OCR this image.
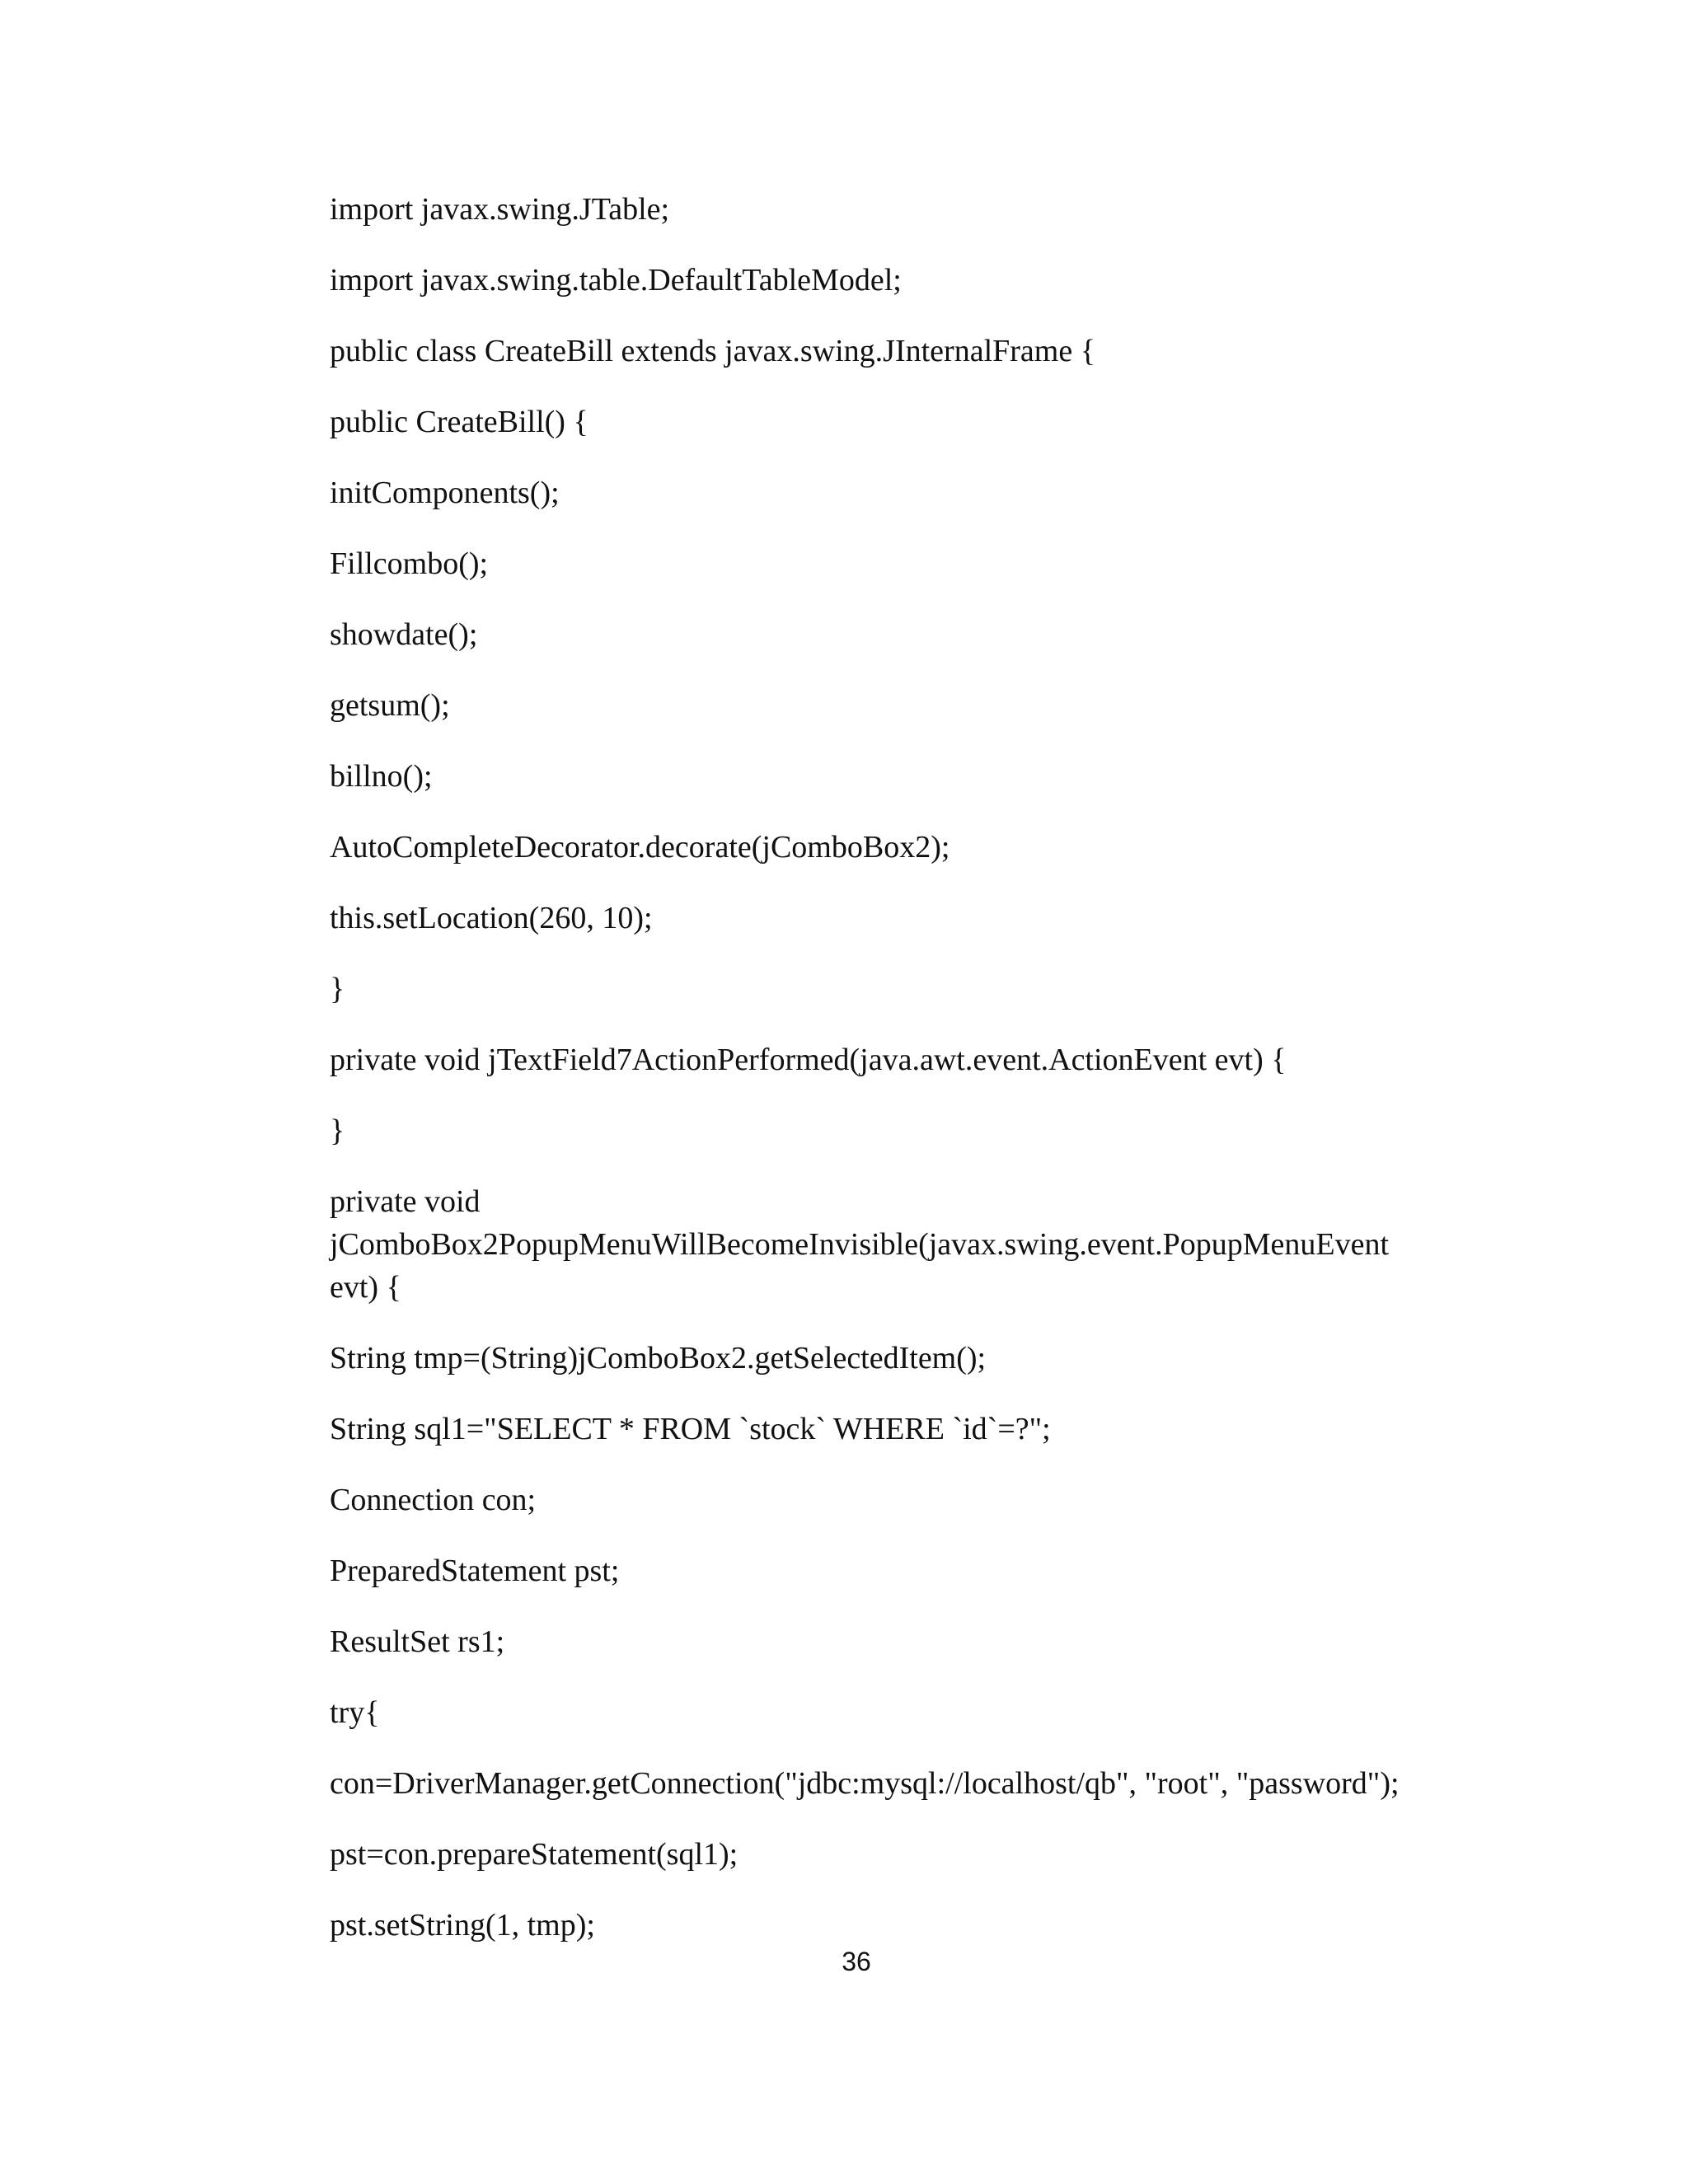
import javax.swing.JTable;
import javax.swing.table.DefaultTableModel;
public class CreateBill extends javax.swing.JInternalFrame {
public CreateBill() {
initComponents();
Fillcombo();
showdate();
getsum();
billno();
AutoCompleteDecorator.decorate(jComboBox2);
this.setLocation(260, 10);
}
private void jTextField7ActionPerformed(java.awt.event.ActionEvent evt) {
}
private void
jComboBox2PopupMenuWillBecomeInvisible(javax.swing.event.PopupMenuEvent
evt) {
String tmp=(String)jComboBox2.getSelectedItem();
String sql1="SELECT * FROM `stock` WHERE `id`=?";
Connection con;
PreparedStatement pst;
ResultSet rs1;
try{
con=DriverManager.getConnection("jdbc:mysql://localhost/qb", "root", "password");
pst=con.prepareStatement(sql1);
pst.setString(1, tmp);
36
